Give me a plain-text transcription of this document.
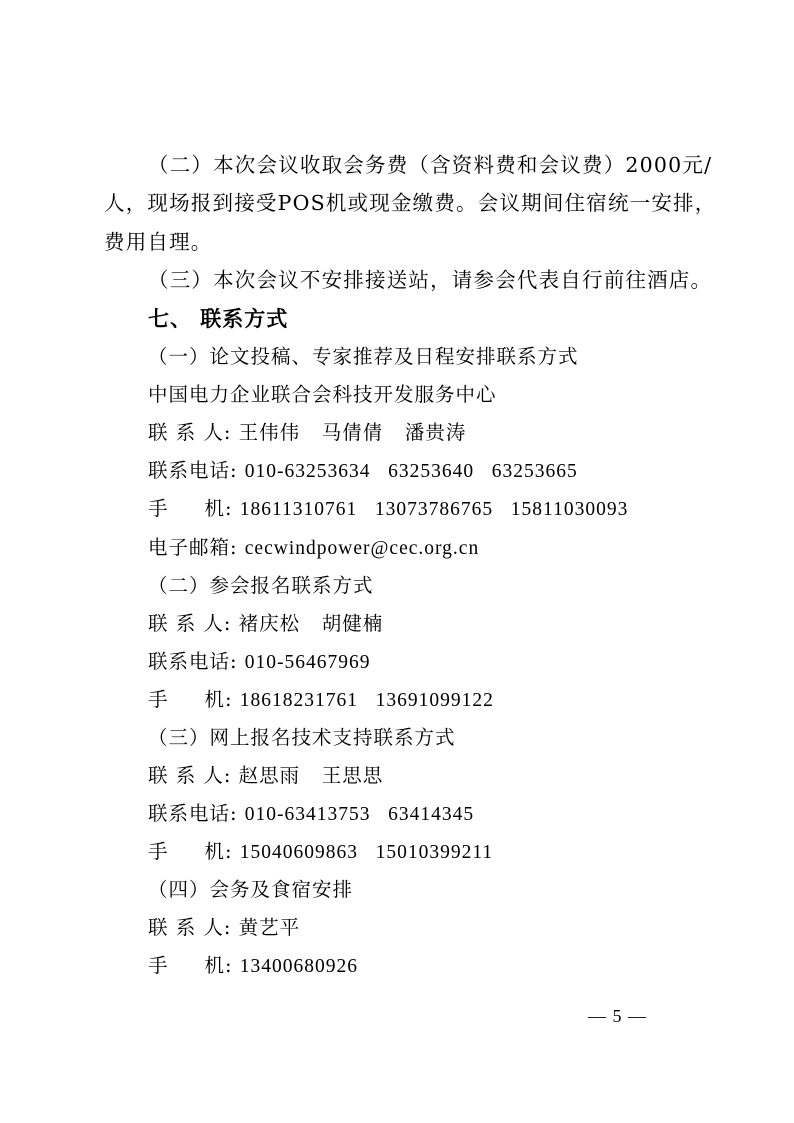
（二）本次会议收取会务费（含资料费和会议费）2000元/
人，现场报到接受POS机或现金缴费。会议期间住宿统一安排，
费用自理。
（三）本次会议不安排接送站，请参会代表自行前往酒店。
七、 联系方式
（一）论文投稿、专家推荐及日程安排联系方式
中国电力企业联合会科技开发服务中心
联 系 人: 王伟伟   马倩倩   潘贵涛
联系电话: 010-63253634   63253640   63253665
手     机: 18611310761   13073786765   15811030093
电子邮箱: cecwindpower@cec.org.cn
（二）参会报名联系方式
联 系 人: 褚庆松   胡健楠
联系电话: 010-56467969
手     机: 18618231761   13691099122
（三）网上报名技术支持联系方式
联 系 人: 赵思雨   王思思
联系电话: 010-63413753   63414345
手     机: 15040609863   15010399211
（四）会务及食宿安排
联 系 人: 黄艺平
手     机: 13400680926
— 5 —
